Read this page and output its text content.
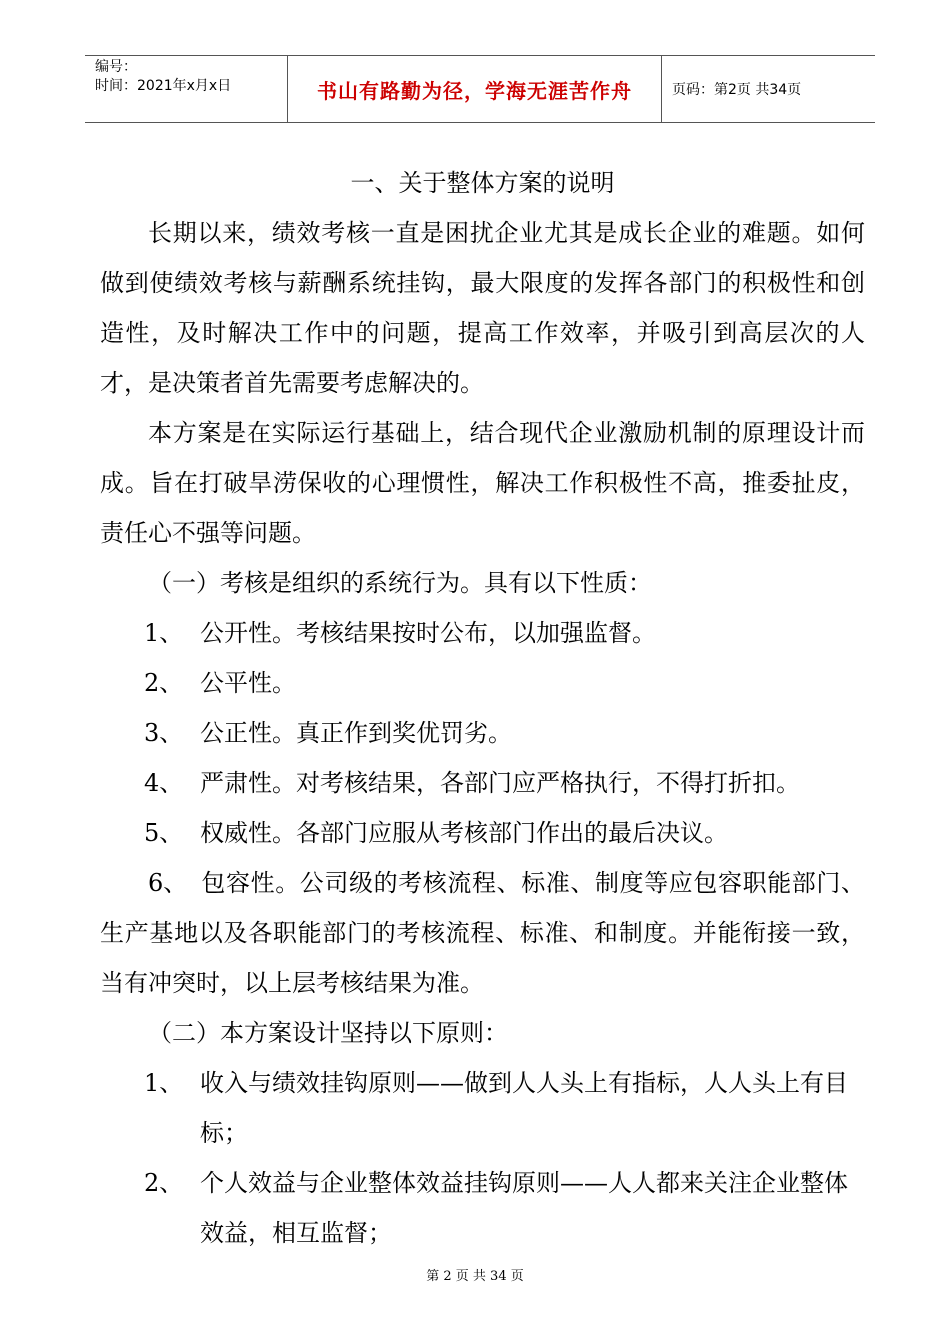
编号：
时间：2021年x月x日	书山有路勤为径，学海无涯苦作舟	页码：第2页 共34页

一、关于整体方案的说明

长期以来，绩效考核一直是困扰企业尤其是成长企业的难题。如何做到使绩效考核与薪酬系统挂钩，最大限度的发挥各部门的积极性和创造性，及时解决工作中的问题，提高工作效率，并吸引到高层次的人才，是决策者首先需要考虑解决的。

本方案是在实际运行基础上，结合现代企业激励机制的原理设计而成。旨在打破旱涝保收的心理惯性，解决工作积极性不高，推委扯皮，责任心不强等问题。

（一）考核是组织的系统行为。具有以下性质：

1、 公开性。考核结果按时公布，以加强监督。
2、 公平性。
3、 公正性。真正作到奖优罚劣。
4、 严肃性。对考核结果，各部门应严格执行，不得打折扣。
5、 权威性。各部门应服从考核部门作出的最后决议。

6、 包容性。公司级的考核流程、标准、制度等应包容职能部门、生产基地以及各职能部门的考核流程、标准、和制度。并能衔接一致，当有冲突时，以上层考核结果为准。

（二）本方案设计坚持以下原则：

1、 收入与绩效挂钩原则——做到人人头上有指标，人人头上有目标；
2、 个人效益与企业整体效益挂钩原则——人人都来关注企业整体效益，相互监督；
第 2 页 共 34 页
